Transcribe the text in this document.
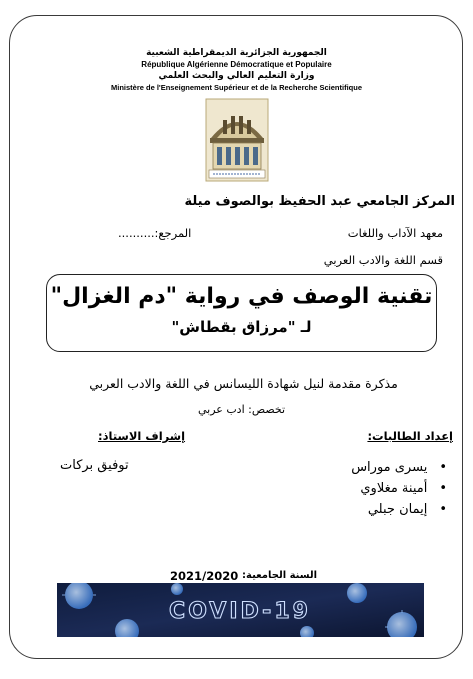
الجمهورية الجزائرية الديمقراطية الشعبية
République Algérienne Démocratique et Populaire
وزارة التعليم العالي والبحث العلمي
Ministère de l'Enseignement Supérieur et de la Recherche Scientifique
المركز الجامعي عبد الحفيظ بوالصوف ميلة
معهد الآداب واللغات
المرجع:..........
قسم اللغة والادب العربي
تقنية الوصف في رواية "دم الغزال"
لـ "مرزاق بقطاش"
مذكرة مقدمة لنيل شهادة الليسانس في اللغة والادب العربي
تخصص: ادب عربي
إعداد الطالبات:
إشراف الاستاذ:
• يسرى موراس
• أمينة مغلاوي
• إيمان جبلي
توفيق بركات
السنة الجامعية:
2021/2020
COVID-19
